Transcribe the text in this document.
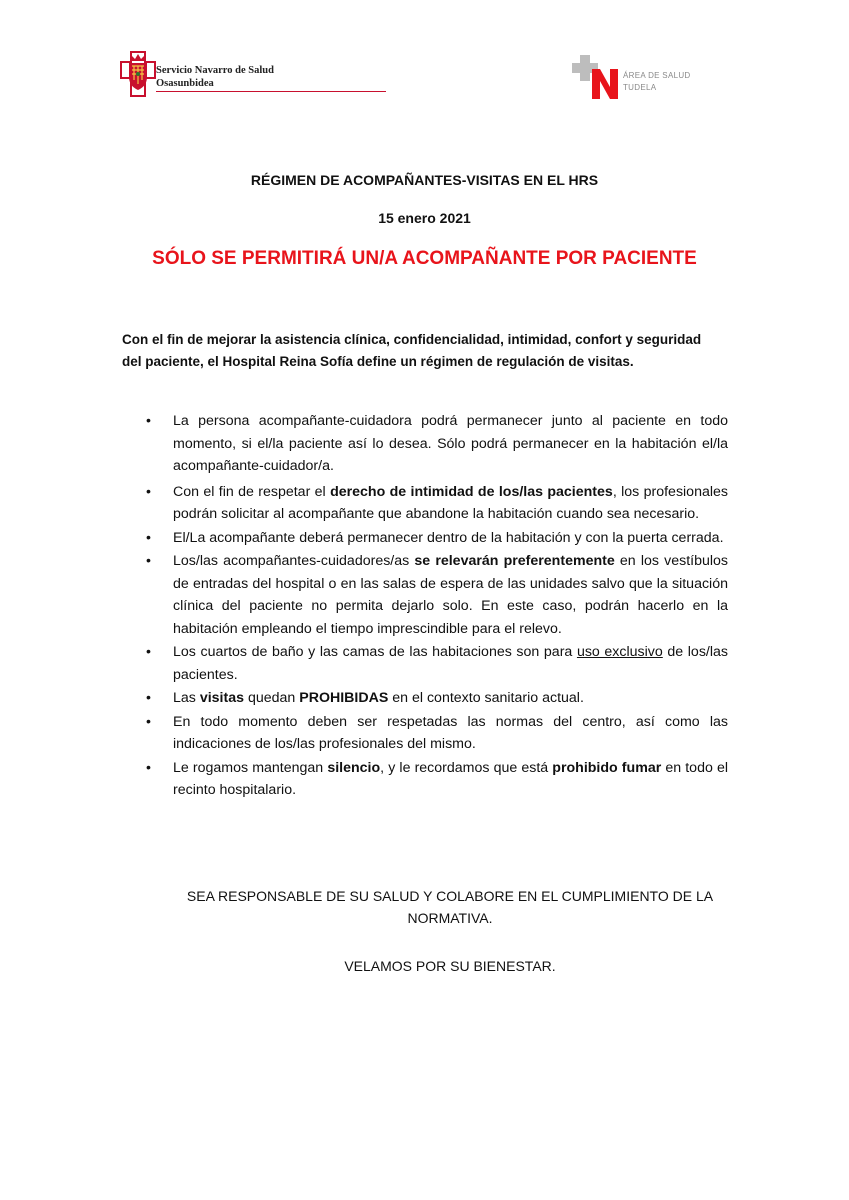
Servicio Navarro de Salud
Osasunbidea
ÁREA DE SALUD
TUDELA
RÉGIMEN DE ACOMPAÑANTES-VISITAS EN EL HRS
15 enero 2021
SÓLO SE PERMITIRÁ UN/A ACOMPAÑANTE POR PACIENTE
Con el fin de mejorar la asistencia clínica, confidencialidad, intimidad, confort y seguridad del paciente, el Hospital Reina Sofía define un régimen de regulación de visitas.
• La persona acompañante-cuidadora podrá permanecer junto al paciente en todo momento, si el/la paciente así lo desea. Sólo podrá permanecer en la habitación el/la acompañante-cuidador/a.
• Con el fin de respetar el derecho de intimidad de los/las pacientes, los profesionales podrán solicitar al acompañante que abandone la habitación cuando sea necesario.
• El/La acompañante deberá permanecer dentro de la habitación y con la puerta cerrada.
• Los/las acompañantes-cuidadores/as se relevarán preferentemente en los vestíbulos de entradas del hospital o en las salas de espera de las unidades salvo que la situación clínica del paciente no permita dejarlo solo. En este caso, podrán hacerlo en la habitación empleando el tiempo imprescindible para el relevo.
• Los cuartos de baño y las camas de las habitaciones son para uso exclusivo de los/las pacientes.
• Las visitas quedan PROHIBIDAS en el contexto sanitario actual.
• En todo momento deben ser respetadas las normas del centro, así como las indicaciones de los/las profesionales del mismo.
• Le rogamos mantengan silencio, y le recordamos que está prohibido fumar en todo el recinto hospitalario.
SEA RESPONSABLE DE SU SALUD Y COLABORE EN EL CUMPLIMIENTO DE LA NORMATIVA.
VELAMOS POR SU BIENESTAR.
